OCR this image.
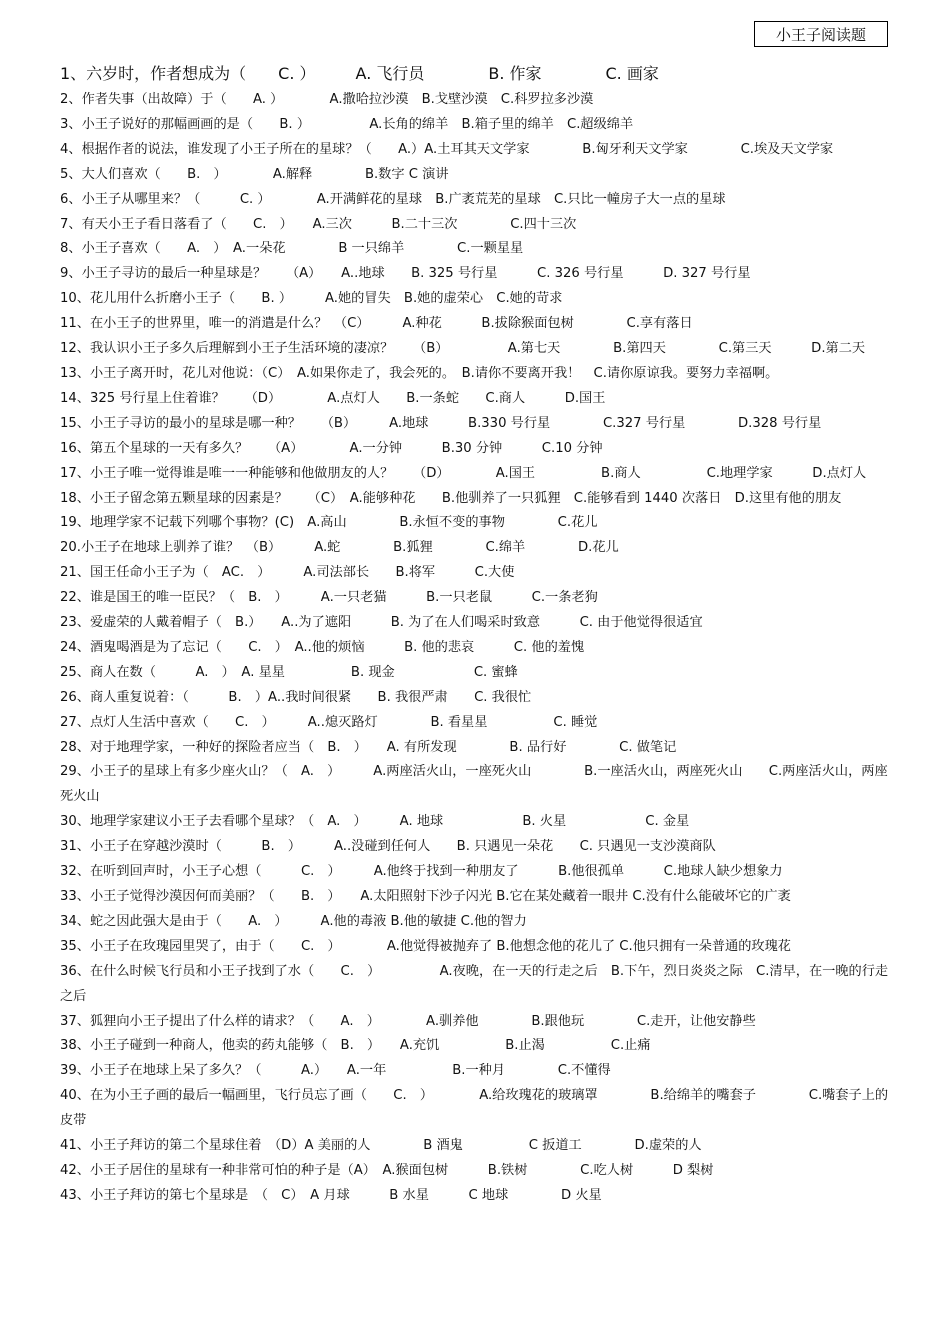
小王子阅读题
1、六岁时，作者想成为（　　C. ）　　　A. 飞行员　　　　B. 作家　　　　C. 画家
2、作者失事（出故障）于（　　A. ）　　　　A.撒哈拉沙漠　B.戈壁沙漠　C.科罗拉多沙漠
3、小王子说好的那幅画画的是（　　B. ）　　　　　A.长角的绵羊　B.箱子里的绵羊　C.超级绵羊
4、根据作者的说法，谁发现了小王子所在的星球？（　　A.）A.土耳其天文学家　　　　B.匈牙利天文学家　　　　C.埃及天文学家
5、大人们喜欢（　　B.　）　　　　A.解释　　　　B.数字 C 演讲
6、小王子从哪里来？（　　　C. ）　　　　A.开满鲜花的星球　B.广袤荒芜的星球　C.只比一幢房子大一点的星球
7、有天小王子看日落看了（　　C.　）　　A.三次　　　B.二十三次　　　　C.四十三次
8、小王子喜欢（　　A.　）　A.一朵花　　　　B 一只绵羊　　　　C.一颗星星
9、小王子寻访的最后一种星球是？　　（A）　　A..地球　　B. 325 号行星　　　C. 326 号行星　　　D. 327 号行星
10、花儿用什么折磨小王子（　　B. ）　　　A.她的冒失　B.她的虚荣心　C.她的苛求
11、在小王子的世界里，唯一的消遣是什么？　（C）　　　A.种花　　　B.拔除猴面包树　　　　C.享有落日
12、我认识小王子多久后理解到小王子生活环境的凄凉？　　（B）　　　　　A.第七天　　　　B.第四天　　　　C.第三天　　　D.第二天
13、小王子离开时，花儿对他说：（C）　A.如果你走了，我会死的。　B.请你不要离开我！　C.请你原谅我。要努力幸福啊。
14、325 号行星上住着谁？　　（D）　　　　A.点灯人　　B.一条蛇　　C.商人　　　D.国王
15、小王子寻访的最小的星球是哪一种？　　（B）　　　A.地球　　　B.330 号行星　　　　C.327 号行星　　　　D.328 号行星
16、第五个星球的一天有多久？　　（A）　　　　A.一分钟　　　B.30 分钟　　　C.10 分钟
17、小王子唯一觉得谁是唯一一种能够和他做朋友的人？　　（D）　　　　A.国王　　　　　B.商人　　　　　C.地理学家　　　D.点灯人
18、小王子留念第五颗星球的因素是？　　（C）　A.能够种花　　B.他驯养了一只狐狸　C.能够看到 1440 次落日　D.这里有他的朋友
19、地理学家不记载下列哪个事物？(C)　A.高山　　　　B.永恒不变的事物　　　　C.花儿
20.小王子在地球上驯养了谁？　（B）　　　A.蛇　　　　B.狐狸　　　　C.绵羊　　　　D.花儿
21、国王任命小王子为（　AC.　）　　　A.司法部长　　B.将军　　　C.大使
22、谁是国王的唯一臣民？（　B.　）　　　A.一只老猫　　　B.一只老鼠　　　C.一条老狗
23、爱虚荣的人戴着帽子（　B.）　　A..为了遮阳　　　B. 为了在人们喝采时致意　　　C. 由于他觉得很适宜
24、酒鬼喝酒是为了忘记（　　C.　）　A..他的烦恼　　　B. 他的悲哀　　　C. 他的羞愧
25、商人在数（　　　A.　）　A. 星星　　　　　B. 现金　　　　　　C. 蜜蜂
26、商人重复说着：（　　　B.　）A..我时间很紧　　B. 我很严肃　　C. 我很忙
27、点灯人生活中喜欢（　　C.　）　　　A..熄灭路灯　　　　B. 看星星　　　　　C. 睡觉
28、对于地理学家，一种好的探险者应当（　B.　）　　A. 有所发现　　　　B. 品行好　　　　C. 做笔记
29、小王子的星球上有多少座火山？（　A.　）　　　A.两座活火山，一座死火山　　　　B.一座活火山，两座死火山　　C.两座活火山，两座死火山
30、地理学家建议小王子去看哪个星球？（　A.　）　　　A. 地球　　　　　　B. 火星　　　　　　C. 金星
31、小王子在穿越沙漠时（　　　B.　）　　　A..没碰到任何人　　B. 只遇见一朵花　　C. 只遇见一支沙漠商队
32、在听到回声时，小王子心想（　　　C.　）　　　A.他终于找到一种朋友了　　　B.他很孤单　　　C.地球人缺少想象力
33、小王子觉得沙漠因何而美丽？（　　B.　）　　A.太阳照射下沙子闪光 B.它在某处藏着一眼井 C.没有什么能破坏它的广袤
34、蛇之因此强大是由于（　　A.　）　　　A.他的毒液 B.他的敏捷 C.他的智力
35、小王子在玫瑰园里哭了，由于（　　C.　）　　　　A.他觉得被抛弃了 B.他想念他的花儿了 C.他只拥有一朵普通的玫瑰花
36、在什么时候飞行员和小王子找到了水（　　C.　）　　　　　A.夜晚，在一天的行走之后　B.下午，烈日炎炎之际　C.清早，在一晚的行走之后
37、狐狸向小王子提出了什么样的请求？（　　A.　）　　　　A.驯养他　　　　B.跟他玩　　　　C.走开，让他安静些
38、小王子碰到一种商人，他卖的药丸能够（　B.　）　　A.充饥　　　　　B.止渴　　　　　C.止痛
39、小王子在地球上呆了多久？（　　　A.）　　A.一年　　　　　B.一种月　　　　C.不懂得
40、在为小王子画的最后一幅画里，飞行员忘了画（　　C.　）　　　　A.给玫瑰花的玻璃罩　　　　B.给绵羊的嘴套子　　　　C.嘴套子上的皮带
41、小王子拜访的第二个星球住着　（D）A 美丽的人　　　　B 酒鬼　　　　　C 扳道工　　　　D.虚荣的人
42、小王子居住的星球有一种非常可怕的种子是（A）　A.猴面包树　　　B.铁树　　　　C.吃人树　　　D 梨树
43、小王子拜访的第七个星球是　（　C）　A 月球　　　B 水星　　　C 地球　　　　D 火星
